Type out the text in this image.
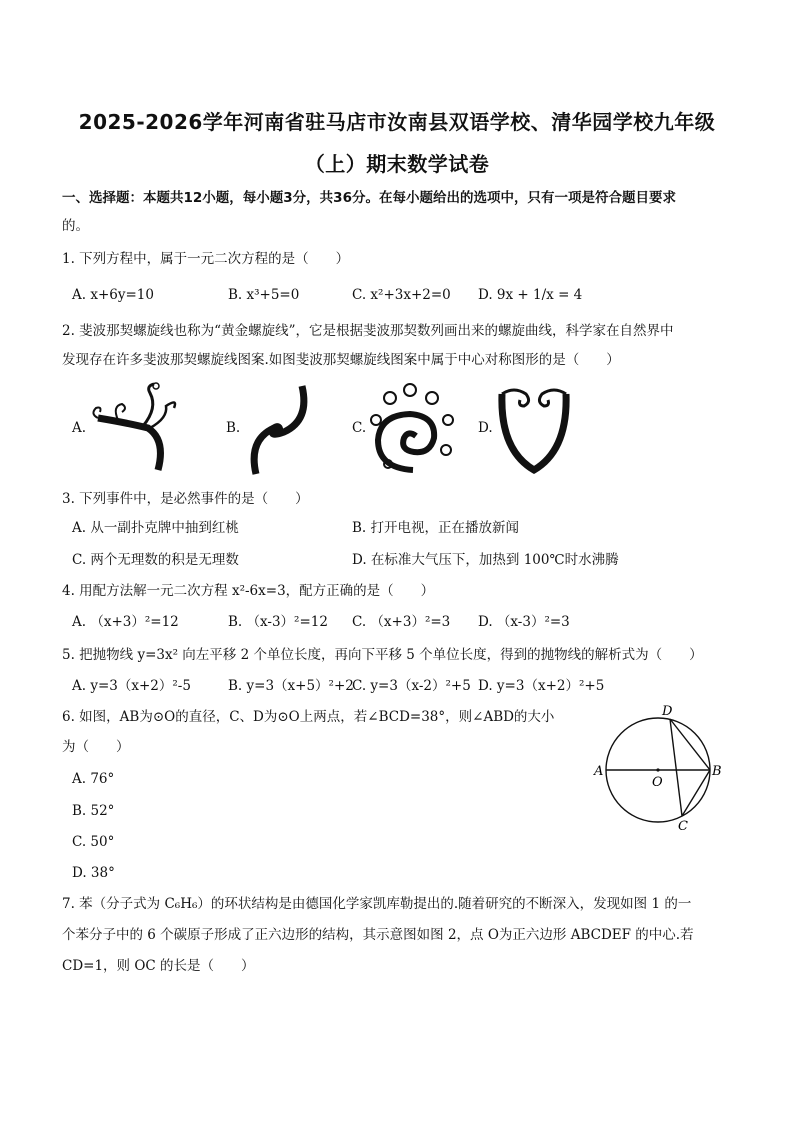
2025-2026学年河南省驻马店市汝南县双语学校、清华园学校九年级
（上）期末数学试卷
一、选择题：本题共12小题，每小题3分，共36分。在每小题给出的选项中，只有一项是符合题目要求
的。
1. 下列方程中，属于一元二次方程的是（　　）
A. x+6y=10	B. x³+5=0	C. x²+3x+2=0 D. 9x + 1/x = 4
2. 斐波那契螺旋线也称为“黄金螺旋线”，它是根据斐波那契数列画出来的螺旋曲线，科学家在自然界中
发现存在许多斐波那契螺旋线图案.如图斐波那契螺旋线图案中属于中心对称图形的是（　　）
A.	B.	C.	D.
3. 下列事件中，是必然事件的是（　　）
A. 从一副扑克牌中抽到红桃	B. 打开电视，正在播放新闻
C. 两个无理数的积是无理数	D. 在标准大气压下，加热到 100℃时水沸腾
4. 用配方法解一元二次方程 x²-6x=3，配方正确的是（　　）
A. （x+3）²=12	B. （x-3）²=12 C. （x+3）²=3 D. （x-3）²=3
5. 把抛物线 y=3x² 向左平移 2 个单位长度，再向下平移 5 个单位长度，得到的抛物线的解析式为（　　）
A. y=3（x+2）²-5	B. y=3（x+5）²+2
C. y=3（x-2）²+5 D. y=3（x+2）²+5
6. 如图，AB为⊙O的直径，C、D为⊙O上两点，若∠BCD=38°，则∠ABD的大小
为（　　）
A. 76°
B. 52°
C. 50°
D. 38°
A
O
B
D
C
7. 苯（分子式为 C₆H₆）的环状结构是由德国化学家凯库勒提出的.随着研究的不断深入，发现如图 1 的一
个苯分子中的 6 个碳原子形成了正六边形的结构，其示意图如图 2，点 O为正六边形 ABCDEF 的中心.若
CD=1，则 OC 的长是（　　）
